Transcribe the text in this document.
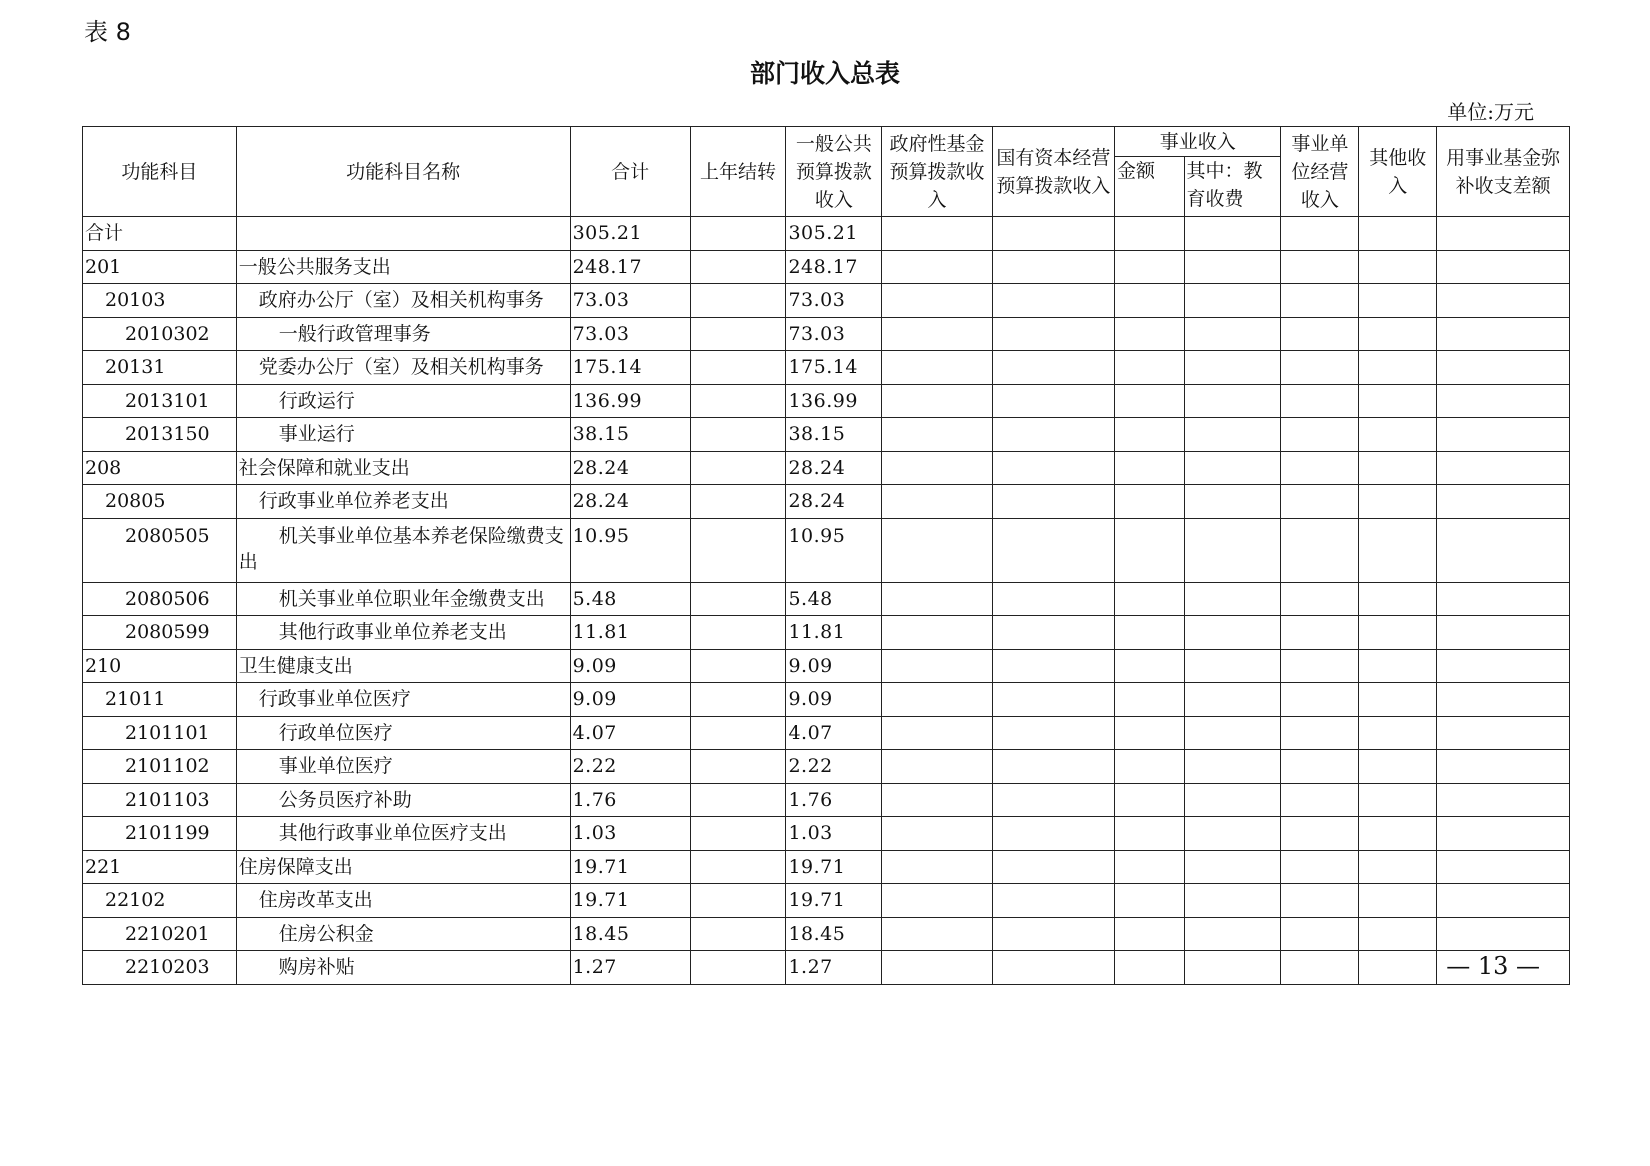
表 8
部门收入总表
单位:万元
功能科目	功能科目名称	合计	上年结转	一般公共预算拨款收入	政府性基金预算拨款收入	国有资本经营预算拨款收入	事业收入		事业单位经营收入	其他收入	用事业基金弥补收支差额
							金额	其中：教育收费			
合计		305.21		305.21							
201	一般公共服务支出	248.17		248.17							
20103	政府办公厅（室）及相关机构事务	73.03		73.03							
2010302	一般行政管理事务	73.03		73.03							
20131	党委办公厅（室）及相关机构事务	175.14		175.14							
2013101	行政运行	136.99		136.99							
2013150	事业运行	38.15		38.15							
208	社会保障和就业支出	28.24		28.24							
20805	行政事业单位养老支出	28.24		28.24							
2080505	机关事业单位基本养老保险缴费支出	10.95		10.95							
2080506	机关事业单位职业年金缴费支出	5.48		5.48							
2080599	其他行政事业单位养老支出	11.81		11.81							
210	卫生健康支出	9.09		9.09							
21011	行政事业单位医疗	9.09		9.09							
2101101	行政单位医疗	4.07		4.07							
2101102	事业单位医疗	2.22		2.22							
2101103	公务员医疗补助	1.76		1.76							
2101199	其他行政事业单位医疗支出	1.03		1.03							
221	住房保障支出	19.71		19.71							
22102	住房改革支出	19.71		19.71							
2210201	住房公积金	18.45		18.45							
2210203	购房补贴	1.27		1.27								— 13 —
